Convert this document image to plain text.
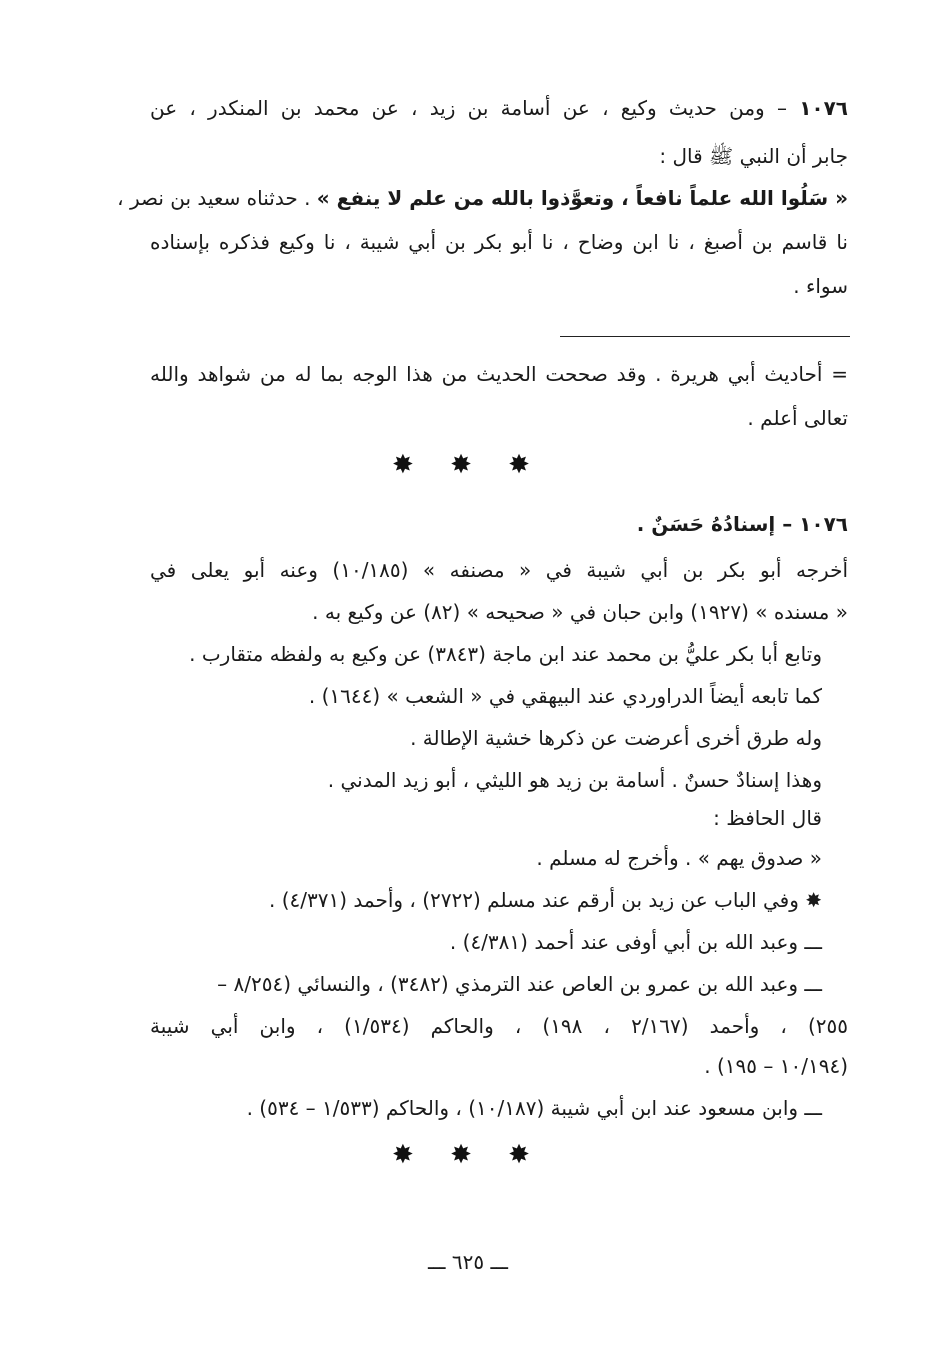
١٠٧٦ – ومن حديث وكيع ، عن أسامة بن زيد ، عن محمد بن المنكدر ، عن
جابر أن النبي ﷺ قال :
« سَلُوا الله علماً نافعاً ، وتعوَّذوا بالله من علم لا ينفع » . حدثناه سعيد بن نصر ،
نا قاسم بن أصبغ ، نا ابن وضاح ، نا أبو بكر بن أبي شيبة ، نا وكيع فذكره بإسناده
سواء .
= أحاديث أبي هريرة . وقد صححت الحديث من هذا الوجه بما له من شواهد والله
تعالى أعلم .
✸ ✸ ✸
١٠٧٦ – إسنادُهُ حَسَنٌ .
أخرجه أبو بكر بن أبي شيبة في « مصنفه » (١٠/١٨٥) وعنه أبو يعلى في
« مسنده » (١٩٢٧) وابن حبان في « صحيحه » (٨٢) عن وكيع به .
وتابع أبا بكر عليُّ بن محمد عند ابن ماجة (٣٨٤٣) عن وكيع به ولفظه متقارب .
كما تابعه أيضاً الدراوردي عند البيهقي في « الشعب » (١٦٤٤) .
وله طرق أخرى أعرضت عن ذكرها خشية الإطالة .
وهذا إسنادٌ حسنٌ . أسامة بن زيد هو الليثي ، أبو زيد المدني .
قال الحافظ :
« صدوق يهم » . وأخرج له مسلم .
✸ وفي الباب عن زيد بن أرقم عند مسلم (٢٧٢٢) ، وأحمد (٤/٣٧١) .
ـــ وعبد الله بن أبي أوفى عند أحمد (٤/٣٨١) .
ـــ وعبد الله بن عمرو بن العاص عند الترمذي (٣٤٨٢) ، والنسائي (٨/٢٥٤ –
٢٥٥) ، وأحمد (٢/١٦٧ ، ١٩٨) ، والحاكم (١/٥٣٤) ، وابن أبي شيبة
(١٠/١٩٤ – ١٩٥) .
ـــ وابن مسعود عند ابن أبي شيبة (١٠/١٨٧) ، والحاكم (١/٥٣٣ – ٥٣٤) .
✸ ✸ ✸
ـــ ٦٢٥ ـــ
